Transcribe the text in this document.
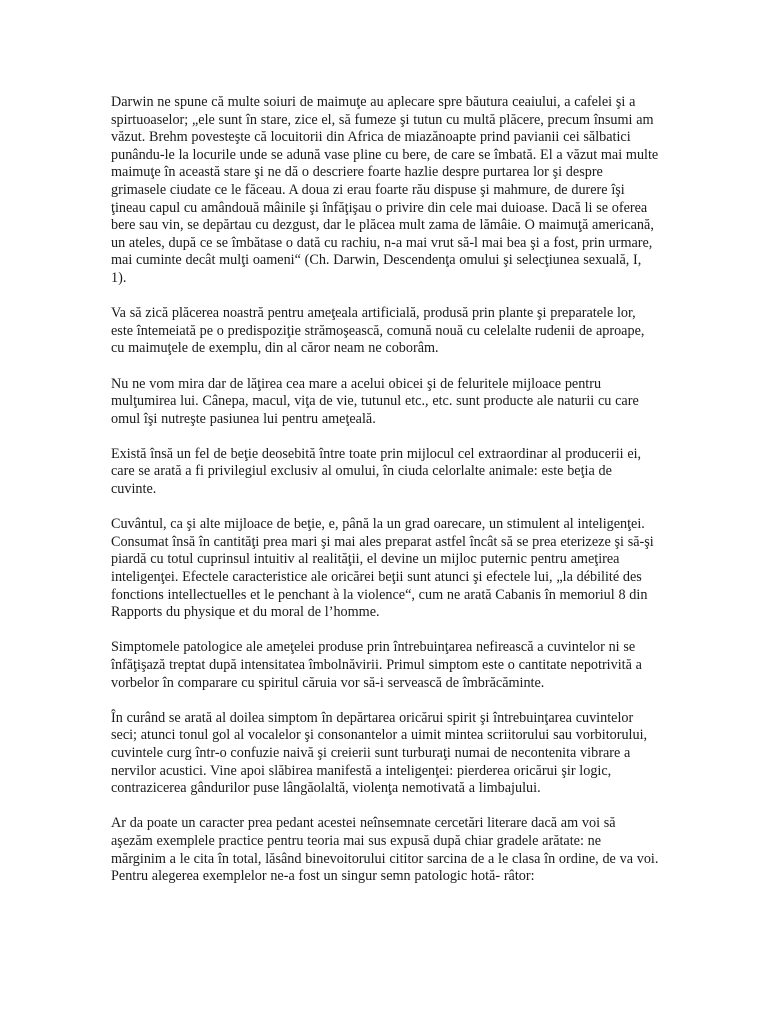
Darwin ne spune că multe soiuri de maimuţe au aplecare spre băutura ceaiului, a cafelei şi a spirtuoaselor; „ele sunt în stare, zice el, să fumeze şi tutun cu multă plăcere, precum însumi am văzut. Brehm povesteşte că locuitorii din Africa de miazănoapte prind pavianii cei sălbatici punându-le la locurile unde se adună vase pline cu bere, de care se îmbată. El a văzut mai multe maimuţe în această stare şi ne dă o descriere foarte hazlie despre purtarea lor şi despre grimasele ciudate ce le făceau. A doua zi erau foarte rău dispuse şi mahmure, de durere îşi ţineau capul cu amândouă mâinile şi înfăţişau o privire din cele mai duioase. Dacă li se oferea bere sau vin, se depărtau cu dezgust, dar le plăcea mult zama de lămâie. O maimuţă americană, un ateles, după ce se îmbătase o dată cu rachiu, n-a mai vrut să-l mai bea şi a fost, prin urmare, mai cuminte decât mulţi oameni“ (Ch. Darwin, Descendenţa omului şi selecţiunea sexuală, I, 1).

Va să zică plăcerea noastră pentru ameţeala artificială, produsă prin plante şi preparatele lor, este întemeiată pe o predispoziţie strămoşească, comună nouă cu celelalte rudenii de aproape, cu maimuţele de exemplu, din al căror neam ne coborâm.

Nu ne vom mira dar de lăţirea cea mare a acelui obicei şi de feluritele mijloace pentru mulţumirea lui. Cânepa, macul, viţa de vie, tutunul etc., etc. sunt producte ale naturii cu care omul îşi nutreşte pasiunea lui pentru ameţeală.

Există însă un fel de beţie deosebită între toate prin mijlocul cel extraordinar al producerii ei, care se arată a fi privilegiul exclusiv al omului, în ciuda celorlalte animale: este beţia de cuvinte.

Cuvântul, ca şi alte mijloace de beţie, e, până la un grad oarecare, un stimulent al inteligenţei. Consumat însă în cantităţi prea mari şi mai ales preparat astfel încât să se prea eterizeze şi să-şi piardă cu totul cuprinsul intuitiv al realităţii, el devine un mijloc puternic pentru ameţirea inteligenţei. Efectele caracteristice ale oricărei beţii sunt atunci şi efectele lui, „la débilité des fonctions intellectuelles et le penchant à la violence“, cum ne arată Cabanis în memoriul 8 din Rapports du physique et du moral de l’homme.

Simptomele patologice ale ameţelei produse prin întrebuinţarea nefirească a cuvintelor ni se înfăţişază treptat după intensitatea îmbolnăvirii. Primul simptom este o cantitate nepotrivită a vorbelor în comparare cu spiritul căruia vor să-i servească de îmbrăcăminte.

În curând se arată al doilea simptom în depărtarea oricărui spirit şi întrebuinţarea cuvintelor seci; atunci tonul gol al vocalelor şi consonantelor a uimit mintea scriitorului sau vorbitorului, cuvintele curg într-o confuzie naivă şi creierii sunt turburaţi numai de necontenita vibrare a nervilor acustici. Vine apoi slăbirea manifestă a inteligenţei: pierderea oricărui şir logic, contrazicerea gândurilor puse lângăolaltă, violenţa nemotivată a limbajului.

Ar da poate un caracter prea pedant acestei neînsemnate cercetări literare dacă am voi să aşezăm exemplele practice pentru teoria mai sus expusă după chiar gradele arătate: ne mărginim a le cita în total, lăsând binevoitorului cititor sarcina de a le clasa în ordine, de va voi. Pentru alegerea exemplelor ne-a fost un singur semn patologic hotă- râtor:
